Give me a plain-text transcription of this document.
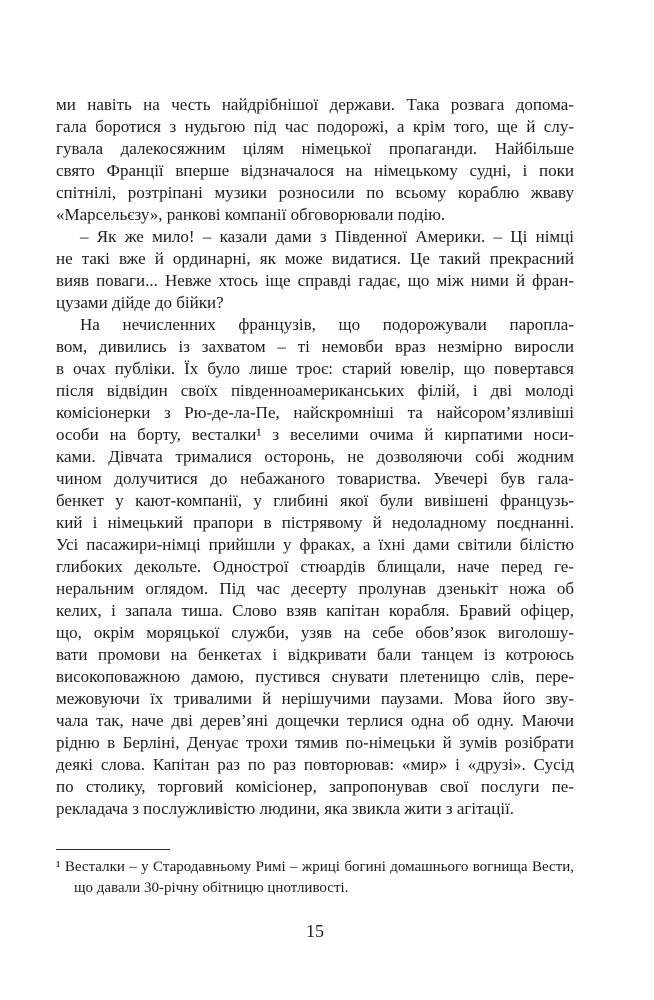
ми навіть на честь найдрібнішої держави. Така розвага допома-
гала боротися з нудьгою під час подорожі, а крім того, ще й слу-
гувала далекосяжним цілям німецької пропаганди. Найбільше
свято Франції вперше відзначалося на німецькому судні, і поки
спітнілі, розтріпані музики розносили по всьому кораблю жваву
«Марсельєзу», ранкові компанії обговорювали подію.
– Як же мило! – казали дами з Південної Америки. – Ці німці
не такі вже й ординарні, як може видатися. Це такий прекрасний
вияв поваги... Невже хтось іще справді гадає, що між ними й фран-
цузами дійде до бійки?
На нечисленних французів, що подорожували паропла-
вом, дивились із захватом – ті немовби враз незмірно виросли
в очах публіки. Їх було лише троє: старий ювелір, що повертався
після відвідин своїх південноамериканських філій, і дві молоді
комісіонерки з Рю-де-ла-Пе, найскромніші та найсором’язливіші
особи на борту, весталки¹ з веселими очима й кирпатими носи-
ками. Дівчата трималися осторонь, не дозволяючи собі жодним
чином долучитися до небажаного товариства. Увечері був гала-
бенкет у кают-компанії, у глибині якої були вивішені французь-
кий і німецький прапори в пістрявому й недоладному поєднанні.
Усі пасажири-німці прийшли у фраках, а їхні дами світили білістю
глибоких декольте. Однострої стюардів блищали, наче перед ге-
неральним оглядом. Під час десерту пролунав дзенькіт ножа об
келих, і запала тиша. Слово взяв капітан корабля. Бравий офіцер,
що, окрім моряцької служби, узяв на себе обов’язок виголошу-
вати промови на бенкетах і відкривати бали танцем із котроюсь
високоповажною дамою, пустився снувати плетеницю слів, пере-
межовуючи їх тривалими й нерішучими паузами. Мова його зву-
чала так, наче дві дерев’яні дощечки терлися одна об одну. Маючи
рідню в Берліні, Денуає трохи тямив по-німецьки й зумів розібрати
деякі слова. Капітан раз по раз повторював: «мир» і «друзі». Сусід
по столику, торговий комісіонер, запропонував свої послуги пе-
рекладача з послужливістю людини, яка звикла жити з агітації.
¹ Весталки – у Стародавньому Римі – жриці богині домашнього вогнища Вести,
що давали 30-річну обітницю цнотливості.
15
